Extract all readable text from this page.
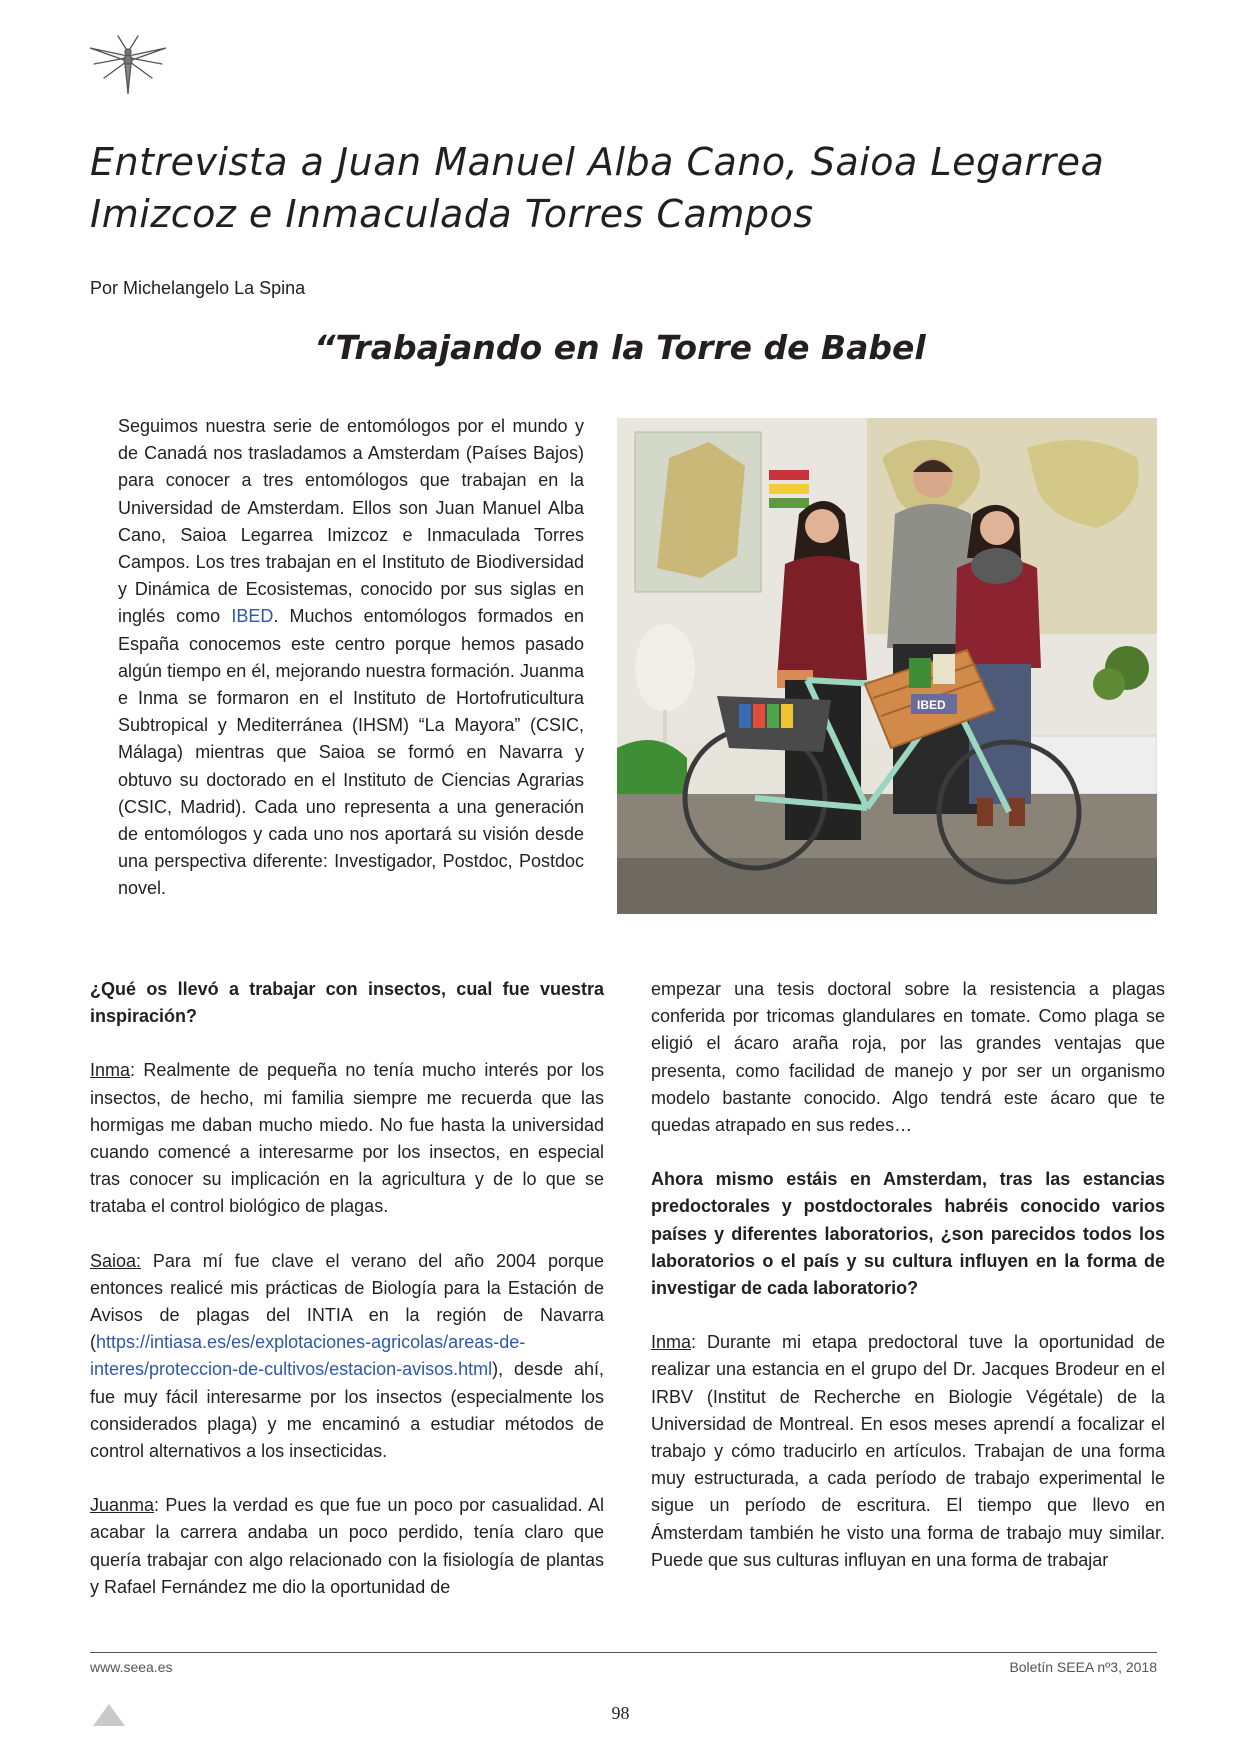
Entrevista a Juan Manuel Alba Cano, Saioa Legarrea Imizcoz e Inmaculada Torres Campos
Por Michelangelo La Spina
“Trabajando en la Torre de Babel

Seguimos nuestra serie de entomólogos por el mundo y de Canadá nos trasladamos a Amsterdam (Países Bajos) para conocer a tres entomólogos que trabajan en la Universidad de Amsterdam. Ellos son Juan Manuel Alba Cano, Saioa Legarrea Imizcoz e Inmaculada Torres Campos. Los tres trabajan en el Instituto de Biodiversidad y Dinámica de Ecosistemas, conocido por sus siglas en inglés como IBED. Muchos entomólogos formados en España conocemos este centro porque hemos pasado algún tiempo en él, mejorando nuestra formación. Juanma e Inma se formaron en el Instituto de Hortofruticultura Subtropical y Mediterránea (IHSM) “La Mayora” (CSIC, Málaga) mientras que Saioa se formó en Navarra y obtuvo su doctorado en el Instituto de Ciencias Agrarias (CSIC, Madrid). Cada uno representa a una generación de entomólogos y cada uno nos aportará su visión desde una perspectiva diferente: Investigador, Postdoc, Postdoc novel.

IBED

¿Qué os llevó a trabajar con insectos, cual fue vuestra inspiración?

Inma: Realmente de pequeña no tenía mucho interés por los insectos, de hecho, mi familia siempre me recuerda que las hormigas me daban mucho miedo. No fue hasta la universidad cuando comencé a interesarme por los insectos, en especial tras conocer su implicación en la agricultura y de lo que se trataba el control biológico de plagas.

Saioa: Para mí fue clave el verano del año 2004 porque entonces realicé mis prácticas de Biología para la Estación de Avisos de plagas del INTIA en la región de Navarra (https://intiasa.es/es/explotaciones-agricolas/areas-de-interes/proteccion-de-cultivos/estacion-avisos.html), desde ahí, fue muy fácil interesarme por los insectos (especialmente los considerados plaga) y me encaminó a estudiar métodos de control alternativos a los insecticidas.

Juanma: Pues la verdad es que fue un poco por casualidad. Al acabar la carrera andaba un poco perdido, tenía claro que quería trabajar con algo relacionado con la fisiología de plantas y Rafael Fernández me dio la oportunidad de

empezar una tesis doctoral sobre la resistencia a plagas conferida por tricomas glandulares en tomate. Como plaga se eligió el ácaro araña roja, por las grandes ventajas que presenta, como facilidad de manejo y por ser un organismo modelo bastante conocido. Algo tendrá este ácaro que te quedas atrapado en sus redes…

Ahora mismo estáis en Amsterdam, tras las estancias predoctorales y postdoctorales habréis conocido varios países y diferentes laboratorios, ¿son parecidos todos los laboratorios o el país y su cultura influyen en la forma de investigar de cada laboratorio?

Inma: Durante mi etapa predoctoral tuve la oportunidad de realizar una estancia en el grupo del Dr. Jacques Brodeur en el IRBV (Institut de Recherche en Biologie Végétale) de la Universidad de Montreal. En esos meses aprendí a focalizar el trabajo y cómo traducirlo en artículos. Trabajan de una forma muy estructurada, a cada período de trabajo experimental le sigue un período de escritura. El tiempo que llevo en Ámsterdam también he visto una forma de trabajo muy similar. Puede que sus culturas influyan en una forma de trabajar

www.seea.es	Boletín SEEA nº3, 2018
98
